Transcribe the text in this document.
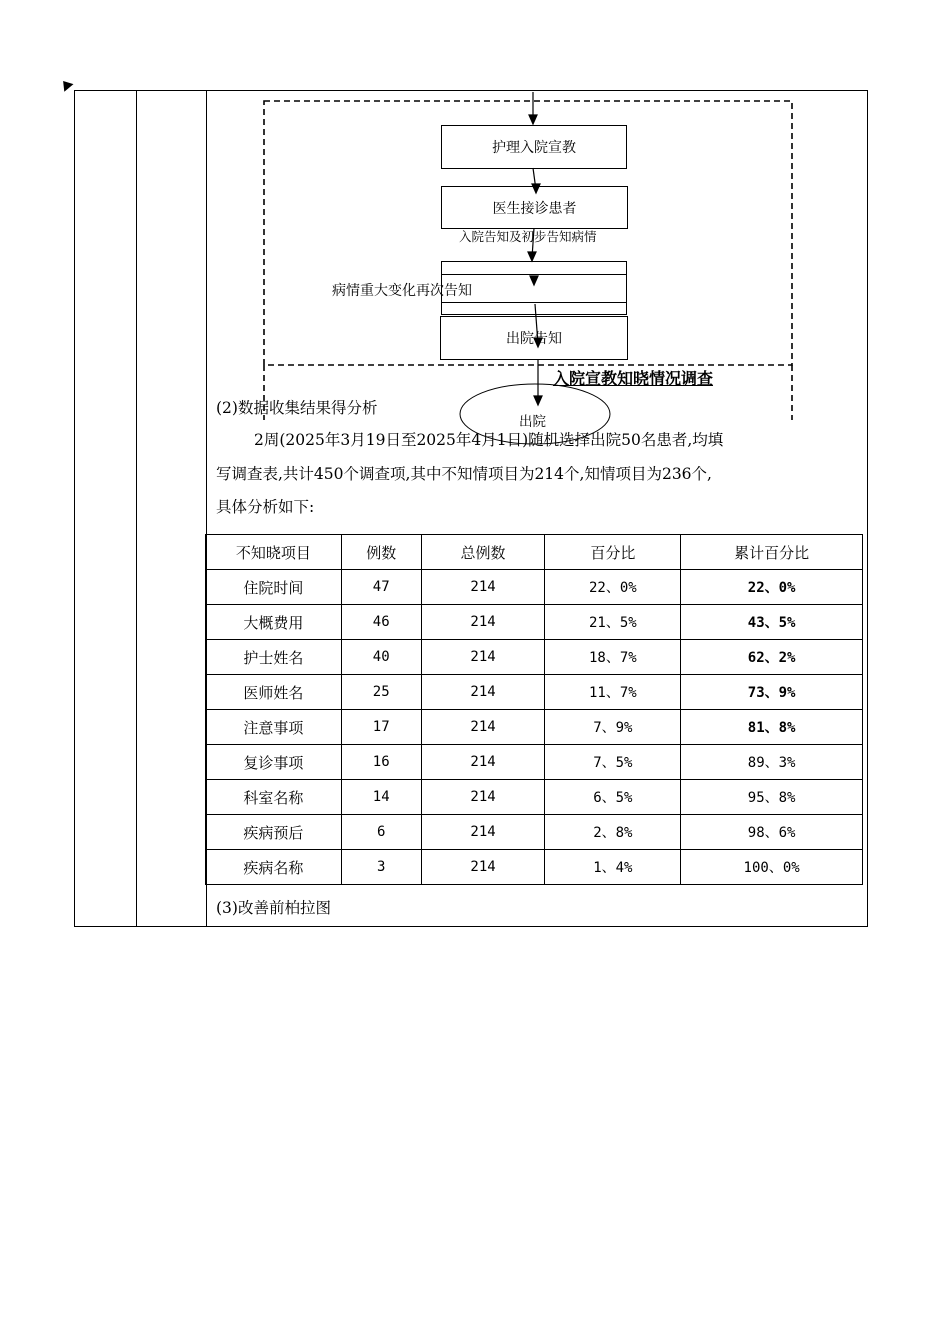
护理入院宣教
医生接诊患者
入院告知及初步告知病情
病情重大变化再次告知
出院告知
入院宣教知晓情况调查
出院
(2)数据收集结果得分析
2周(2025年3月19日至2025年4月1日)随机选择出院50名患者,均填
写调查表,共计450个调查项,其中不知情项目为214个,知情项目为236个,
具体分析如下:
不知晓项目	例数	总例数	百分比	累计百分比
住院时间	47	214	22、0%	22、0%
大概费用	46	214	21、5%	43、5%
护士姓名	40	214	18、7%	62、2%
医师姓名	25	214	11、7%	73、9%
注意事项	17	214	7、9%	81、8%
复诊事项	16	214	7、5%	89、3%
科室名称	14	214	6、5%	95、8%
疾病预后	6	214	2、8%	98、6%
疾病名称	3	214	1、4%	100、0%
(3)改善前柏拉图
